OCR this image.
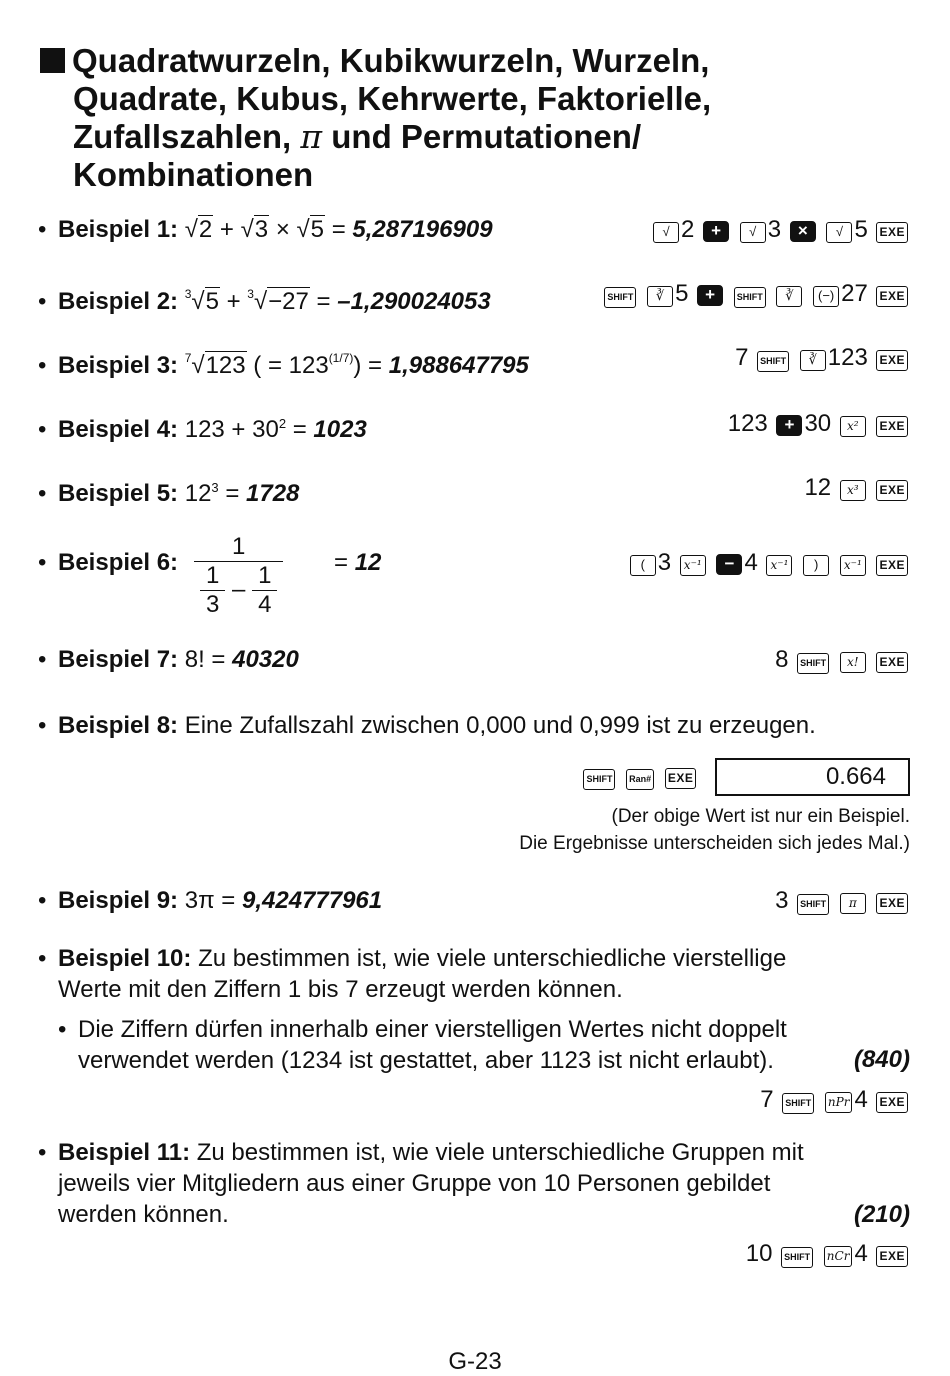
Quadratwurzeln, Kubikwurzeln, Wurzeln,
Quadrate, Kubus, Kehrwerte, Faktorielle,
Zufallszahlen, π und Permutationen/
Kombinationen
• Beispiel 1: √2 + √3 × √5 = 5,287196909	√ 2 + √ 3 × √ 5 EXE
• Beispiel 2: $^3$√5 + $^3$√−27 = –1,290024053	SHIFT ∛ 5 + SHIFT ∛ (−) 27 EXE
• Beispiel 3: $^7$√123 ( = $123^{(1/7)}) = 1,988647795$	7 SHIFT ∛ 123 EXE
• Beispiel 4: $123 + 30^2 = 1023$	123 + 30 x² EXE
• Beispiel 5: $12^3 = 1728$	12 x³ EXE
• Beispiel 6: $\frac{1}{\frac{1}{3} - \frac{1}{4}} = 12$	( 3 x⁻¹ − 4 x⁻¹ ) x⁻¹ EXE
• Beispiel 7: 8! = 40320	8 SHIFT x! EXE
• Beispiel 8: Eine Zufallszahl zwischen 0,000 und 0,999 ist zu erzeugen.
SHIFT Ran# EXE	0.664
(Der obige Wert ist nur ein Beispiel.
Die Ergebnisse unterscheiden sich jedes Mal.)
• Beispiel 9: 3π = 9,424777961	3 SHIFT π EXE
• Beispiel 10: Zu bestimmen ist, wie viele unterschiedliche vierstellige
Werte mit den Ziffern 1 bis 7 erzeugt werden können.
• Die Ziffern dürfen innerhalb einer vierstelligen Wertes nicht doppelt
verwendet werden (1234 ist gestattet, aber 1123 ist nicht erlaubt).	(840)
7 SHIFT nPr 4 EXE
• Beispiel 11: Zu bestimmen ist, wie viele unterschiedliche Gruppen mit
jeweils vier Mitgliedern aus einer Gruppe von 10 Personen gebildet
werden können.	(210)
10 SHIFT nCr 4 EXE
G-23
